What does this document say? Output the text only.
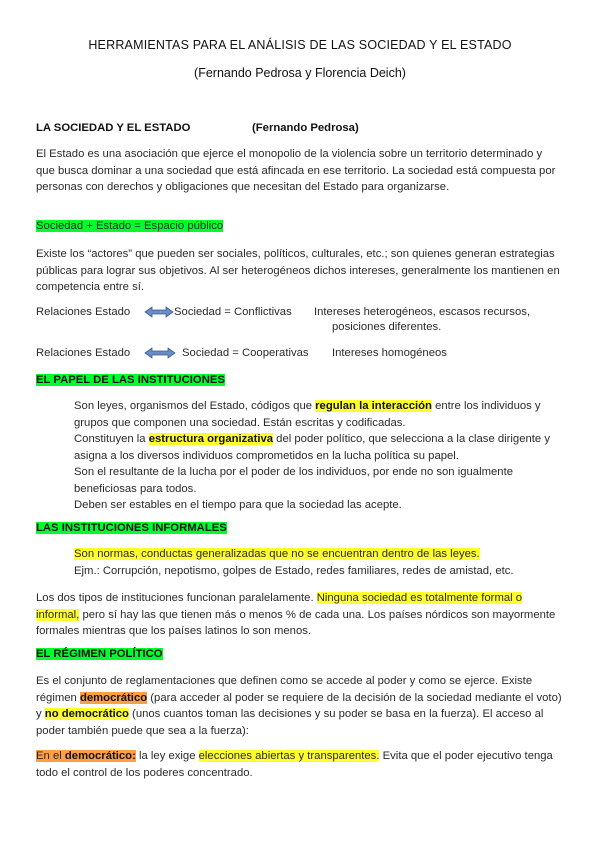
HERRAMIENTAS PARA EL ANÁLISIS DE LAS SOCIEDAD Y EL ESTADO
(Fernando Pedrosa y Florencia Deich)
LA SOCIEDAD Y EL ESTADO	(Fernando Pedrosa)
El Estado es una asociación que ejerce el monopolio de la violencia sobre un territorio determinado y que busca dominar a una sociedad que está afincada en ese territorio. La sociedad está compuesta por personas con derechos y obligaciones que necesitan del Estado para organizarse.
Sociedad + Estado = Espacio público
Existe los “actores” que pueden ser sociales, políticos, culturales, etc.; son quienes generan estrategias públicas para lograr sus objetivos. Al ser heterogéneos dichos intereses, generalmente los mantienen en competencia entre sí.
Relaciones Estado	Sociedad = Conflictivas Intereses heterogéneos, escasos recursos,
posiciones diferentes.
Relaciones Estado	Sociedad = Cooperativas Intereses homogéneos
EL PAPEL DE LAS INSTITUCIONES
Son leyes, organismos del Estado, códigos que regulan la interacción entre los individuos y grupos que componen una sociedad. Están escritas y codificadas.
Constituyen la estructura organizativa del poder político, que selecciona a la clase dirigente y asigna a los diversos individuos comprometidos en la lucha política su papel.
Son el resultante de la lucha por el poder de los individuos, por ende no son igualmente beneficiosas para todos.
Deben ser estables en el tiempo para que la sociedad las acepte.
LAS INSTITUCIONES INFORMALES
Son normas, conductas generalizadas que no se encuentran dentro de las leyes.
Ejm.: Corrupción, nepotismo, golpes de Estado, redes familiares, redes de amistad, etc.
Los dos tipos de instituciones funcionan paralelamente. Ninguna sociedad es totalmente formal o informal, pero sí hay las que tienen más o menos % de cada una. Los países nórdicos son mayormente formales mientras que los países latinos lo son menos.
EL RÉGIMEN POLÍTICO
Es el conjunto de reglamentaciones que definen como se accede al poder y como se ejerce. Existe régimen democrático (para acceder al poder se requiere de la decisión de la sociedad mediante el voto) y no democrático (unos cuantos toman las decisiones y su poder se basa en la fuerza). El acceso al poder también puede que sea a la fuerza):
En el democrático: la ley exige elecciones abiertas y transparentes. Evita que el poder ejecutivo tenga todo el control de los poderes concentrado.
